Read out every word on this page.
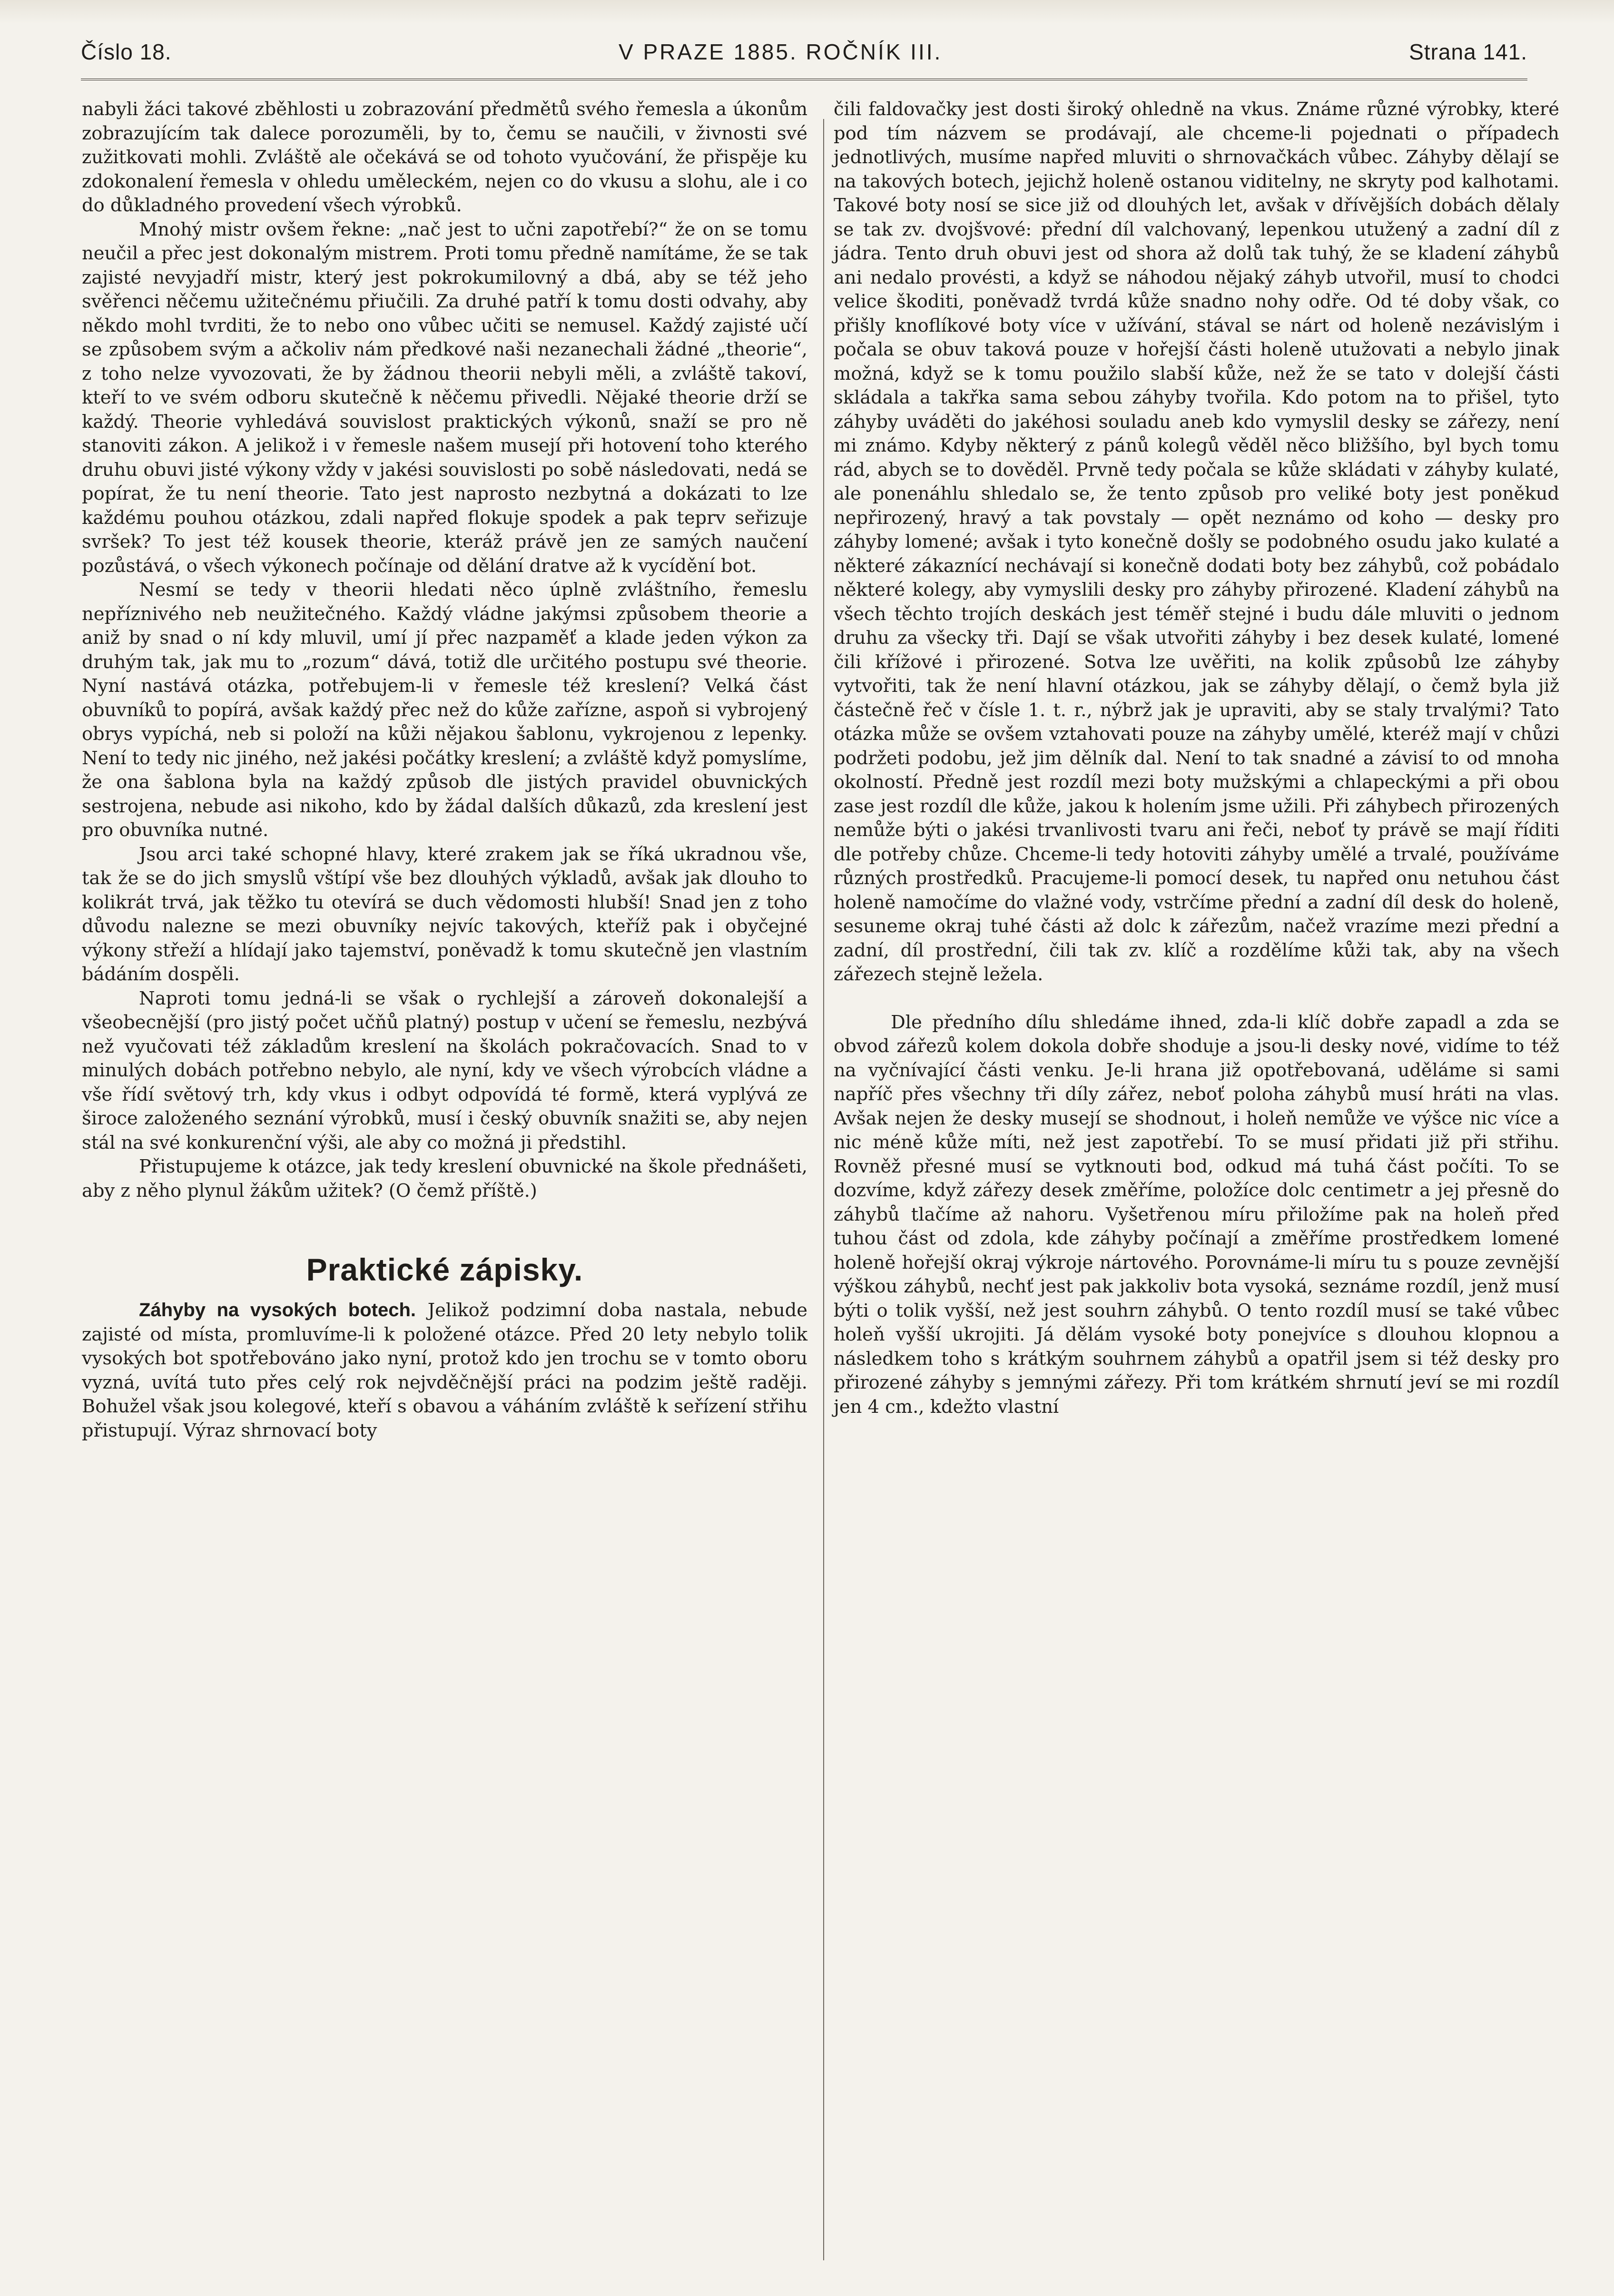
Číslo 18.	V PRAZE 1885. ROČNÍK III.	Strana 141.

nabyli žáci takové zběhlosti u zobrazování předmětů svého řemesla a úkonům zobrazujícím tak dalece porozuměli, by to, čemu se naučili, v živnosti své zužitkovati mohli. Zvláště ale očekává se od tohoto vyučování, že přispěje ku zdokonalení řemesla v ohledu uměleckém, nejen co do vkusu a slohu, ale i co do důkladného provedení všech výrobků.

Mnohý mistr ovšem řekne: „nač jest to učni zapotřebí?“ že on se tomu neučil a přec jest dokonalým mistrem. Proti tomu předně namítáme, že se tak zajisté nevyjadří mistr, který jest pokrokumilovný a dbá, aby se též jeho svěřenci něčemu užitečnému přiučili. Za druhé patří k tomu dosti odvahy, aby někdo mohl tvrditi, že to nebo ono vůbec učiti se nemusel. Každý zajisté učí se způsobem svým a ačkoliv nám předkové naši nezanechali žádné „theorie“, z toho nelze vyvozovati, že by žádnou theorii nebyli měli, a zvláště takoví, kteří to ve svém odboru skutečně k něčemu přivedli. Nějaké theorie drží se každý. Theorie vyhledává souvislost praktických výkonů, snaží se pro ně stanoviti zákon. A jelikož i v řemesle našem musejí při hotovení toho kterého druhu obuvi jisté výkony vždy v jakési souvislosti po sobě následovati, nedá se popírat, že tu není theorie. Tato jest naprosto nezbytná a dokázati to lze každému pouhou otázkou, zdali napřed flokuje spodek a pak teprv seřizuje svršek? To jest též kousek theorie, kteráž právě jen ze samých naučení pozůstává, o všech výkonech počínaje od dělání dratve až k vycídění bot.

Nesmí se tedy v theorii hledati něco úplně zvláštního, řemeslu nepříznivého neb neužitečného. Každý vládne jakýmsi způsobem theorie a aniž by snad o ní kdy mluvil, umí jí přec nazpaměť a klade jeden výkon za druhým tak, jak mu to „rozum“ dává, totiž dle určitého postupu své theorie. Nyní nastává otázka, potřebujem-li v řemesle též kreslení? Velká část obuvníků to popírá, avšak každý přec než do kůže zaříznе, aspoň si vybrojený obrys vypíchá, neb si položí na kůži nějakou šablonu, vykrojenou z lepenky. Není to tedy nic jiného, než jakési počátky kreslení; a zvláště když pomyslíme, že ona šablona byla na každý způsob dle jistých pravidel obuvnických sestrojena, nebude asi nikoho, kdo by žádal dalších důkazů, zda kreslení jest pro obuvníka nutné.

Jsou arci také schopné hlavy, které zrakem jak se říká ukradnou vše, tak že se do jich smyslů vštípí vše bez dlouhých výkladů, avšak jak dlouho to kolikrát trvá, jak těžko tu otevírá se duch vědomosti hlubší! Snad jen z toho důvodu nalezne se mezi obuvníky nejvíc takových, kteříž pak i obyčejné výkony střeží a hlídají jako tajemství, poněvadž k tomu skutečně jen vlastním bádáním dospěli.

Naproti tomu jedná-li se však o rychlejší a zároveň dokonalejší a všeobecnější (pro jistý počet učňů platný) postup v učení se řemeslu, nezbývá než vyučovati též základům kreslení na školách pokračovacích. Snad to v minulých dobách potřebno nebylo, ale nyní, kdy ve všech výrobcích vládne a vše řídí světový trh, kdy vkus i odbyt odpovídá té formě, která vyplývá ze široce založeného seznání výrobků, musí i český obuvník snažiti se, aby nejen stál na své konkurenční výši, ale aby co možná ji předstihl.

Přistupujeme k otázce, jak tedy kreslení obuvnické na škole přednášeti, aby z něho plynul žákům užitek? (O čemž příště.)

Praktické zápisky.

Záhyby na vysokých botech. Jelikož podzimní doba nastala, nebude zajisté od místa, promluvíme-li k položené otázce. Před 20 lety nebylo tolik vysokých bot spotřebováno jako nyní, protož kdo jen trochu se v tomto oboru vyzná, uvítá tuto přes celý rok nejvděčnější práci na podzim ještě raději. Bohužel však jsou kolegové, kteří s obavou a váháním zvláště k seřízení střihu přistupují. Výraz shrnovací boty

čili faldovačky jest dosti široký ohledně na vkus. Známe různé výrobky, které pod tím názvem se prodávají, ale chceme-li pojednati o případech jednotlivých, musíme napřed mluviti o shrnovačkách vůbec. Záhyby dělají se na takových botech, jejichž holeně ostanou viditelny, ne skryty pod kalhotami. Takové boty nosí se sice již od dlouhých let, avšak v dřívějších dobách dělaly se tak zv. dvojšvové: přední díl valchovaný, lepenkou utužený a zadní díl z jádra. Tento druh obuvi jest od shora až dolů tak tuhý, že se kladení záhybů ani nedalo provésti, a když se náhodou nějaký záhyb utvořil, musí to chodci velice škoditi, poněvadž tvrdá kůže snadno nohy odře. Od té doby však, co přišly knoflíkové boty více v užívání, stával se nárt od holeně nezávislým i počala se obuv taková pouze v hořejší části holeně utužovati a nebylo jinak možná, když se k tomu použilo slabší kůže, než že se tato v dolejší části skládala a takřka sama sebou záhyby tvořila. Kdo potom na to přišel, tyto záhyby uváděti do jakéhosi souladu aneb kdo vymyslil desky se zářezy, není mi známo. Kdyby některý z pánů kolegů věděl něco bližšího, byl bych tomu rád, abych se to dověděl. Prvně tedy počala se kůže skládati v záhyby kulaté, ale ponenáhlu shledalo se, že tento způsob pro veliké boty jest poněkud nepřirozený, hravý a tak povstaly — opět neznámo od koho — desky pro záhyby lomené; avšak i tyto konečně došly se podobného osudu jako kulaté a některé zákaznící nechávají si konečně dodati boty bez záhybů, což pobádalo některé kolegy, aby vymyslili desky pro záhyby přirozené. Kladení záhybů na všech těchto trojích deskách jest téměř stejné i budu dále mluviti o jednom druhu za všecky tři. Dají se však utvořiti záhyby i bez desek kulaté, lomené čili křížové i přirozené. Sotva lze uvěřiti, na kolik způsobů lze záhyby vytvořiti, tak že není hlavní otázkou, jak se záhyby dělají, o čemž byla již částečně řeč v čísle 1. t. r., nýbrž jak je upraviti, aby se staly trvalými? Tato otázka může se ovšem vztahovati pouze na záhyby umělé, kteréž mají v chůzi podržeti podobu, jež jim dělník dal. Není to tak snadné a závisí to od mnoha okolností. Předně jest rozdíl mezi boty mužskými a chlapeckými a při obou zase jest rozdíl dle kůže, jakou k holením jsme užili. Při záhybech přirozených nemůže býti o jakési trvanlivosti tvaru ani řeči, neboť ty právě se mají říditi dle potřeby chůze. Chceme-li tedy hotoviti záhyby umělé a trvalé, používáme různých prostředků. Pracujeme-li pomocí desek, tu napřed onu netuhou část holeně namočíme do vlažné vody, vstrčíme přední a zadní díl desk do holeně, sesuneme okraj tuhé části až dolc k zářezům, načež vrazíme mezi přední a zadní, díl prostřední, čili tak zv. klíč a rozdělíme kůži tak, aby na všech zářezech stejně ležela.

Dle předního dílu shledáme ihned, zda-li klíč dobře zapadl a zda se obvod zářezů kolem dokola dobře shoduje a jsou-li desky nové, vidíme to též na vyčnívající části venku. Je-li hrana již opotřebovaná, uděláme si sami napříč přes všechny tři díly zářez, neboť poloha záhybů musí hráti na vlas. Avšak nejen že desky musejí se shodnout, i holeň nemůže ve výšce nic více a nic méně kůže míti, než jest zapotřebí. To se musí přidati již při střihu. Rovněž přesné musí se vytknouti bod, odkud má tuhá část počíti. To se dozvíme, když zářezy desek změříme, položíce dolc centimetr a jej přesně do záhybů tlačíme až nahoru. Vyšetřenou míru přiložíme pak na holeň před tuhou část od zdola, kde záhyby počínají a změříme prostředkem lomené holeně hořejší okraj výkroje nártového. Porovnáme-li míru tu s pouze zevnější výškou záhybů, nechť jest pak jakkoliv bota vysoká, seznáme rozdíl, jenž musí býti o tolik vyšší, než jest souhrn záhybů. O tento rozdíl musí se také vůbec holeň vyšší ukrojiti. Já dělám vysoké boty ponejvíce s dlouhou klopnou a následkem toho s krátkým souhrnem záhybů a opatřil jsem si též desky pro přirozené záhyby s jemnými zářezy. Při tom krátkém shrnutí jeví se mi rozdíl jen 4 cm., kdežto vlastní
